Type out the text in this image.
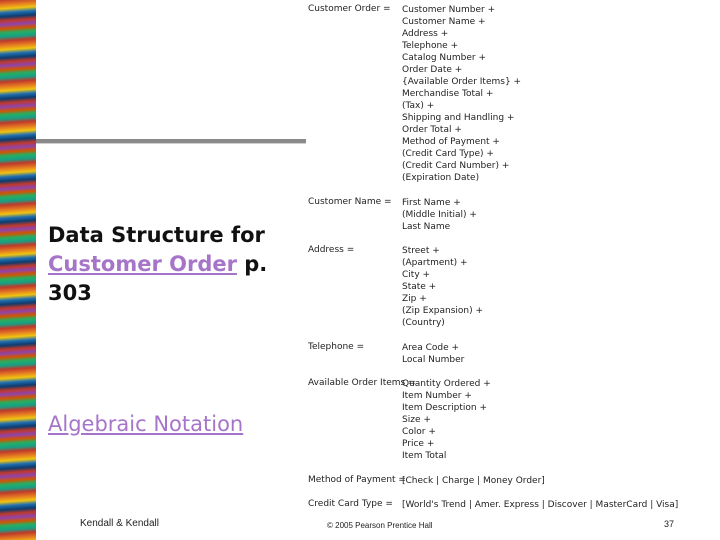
Data Structure for Customer Order p. 303
Algebraic Notation
Customer Order = Customer Number +
Customer Name +
Address +
Telephone +
Catalog Number +
Order Date +
{Available Order Items} +
Merchandise Total +
(Tax) +
Shipping and Handling +
Order Total +
Method of Payment +
(Credit Card Type) +
(Credit Card Number) +
(Expiration Date)
Customer Name = First Name +
(Middle Initial) +
Last Name
Address =	Street +
(Apartment) +
City +
State +
Zip +
(Zip Expansion) +
(Country)
Telephone =	Area Code +
Local Number
Available Order Items =
Quantity Ordered +
Item Number +
Item Description +
Size +
Color +
Price +
Item Total
Method of Payment =
[Check | Charge | Money Order]
Credit Card Type = [World's Trend | Amer. Express | Discover | MasterCard | Visa]
Kendall & Kendall	© 2005 Pearson Prentice Hall	37
